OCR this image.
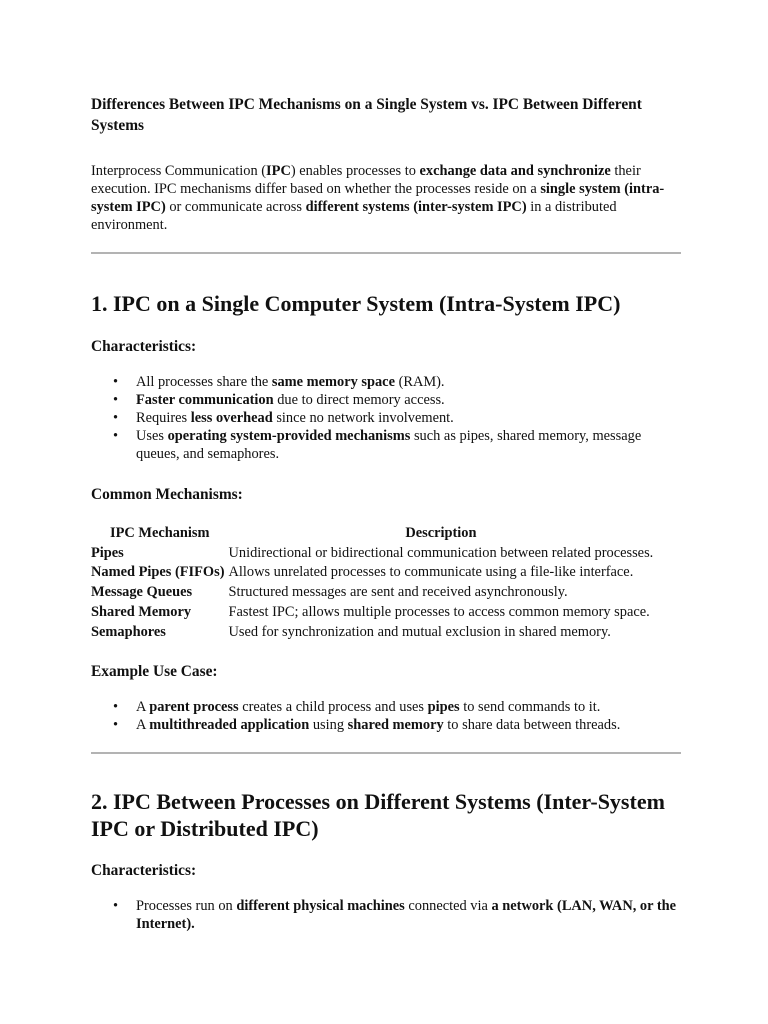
Differences Between IPC Mechanisms on a Single System vs. IPC Between Different Systems

Interprocess Communication (IPC) enables processes to exchange data and synchronize their execution. IPC mechanisms differ based on whether the processes reside on a single system (intra-system IPC) or communicate across different systems (inter-system IPC) in a distributed environment.

1. IPC on a Single Computer System (Intra-System IPC)
Characteristics:
• All processes share the same memory space (RAM).
• Faster communication due to direct memory access.
• Requires less overhead since no network involvement.
• Uses operating system-provided mechanisms such as pipes, shared memory, message queues, and semaphores.
Common Mechanisms:
IPC Mechanism	Description
Pipes	Unidirectional or bidirectional communication between related processes.
Named Pipes (FIFOs)	Allows unrelated processes to communicate using a file-like interface.
Message Queues	Structured messages are sent and received asynchronously.
Shared Memory	Fastest IPC; allows multiple processes to access common memory space.
Semaphores	Used for synchronization and mutual exclusion in shared memory.
Example Use Case:
• A parent process creates a child process and uses pipes to send commands to it.
• A multithreaded application using shared memory to share data between threads.
2. IPC Between Processes on Different Systems (Inter-System IPC or Distributed IPC)
Characteristics:
• Processes run on different physical machines connected via a network (LAN, WAN, or the Internet).
